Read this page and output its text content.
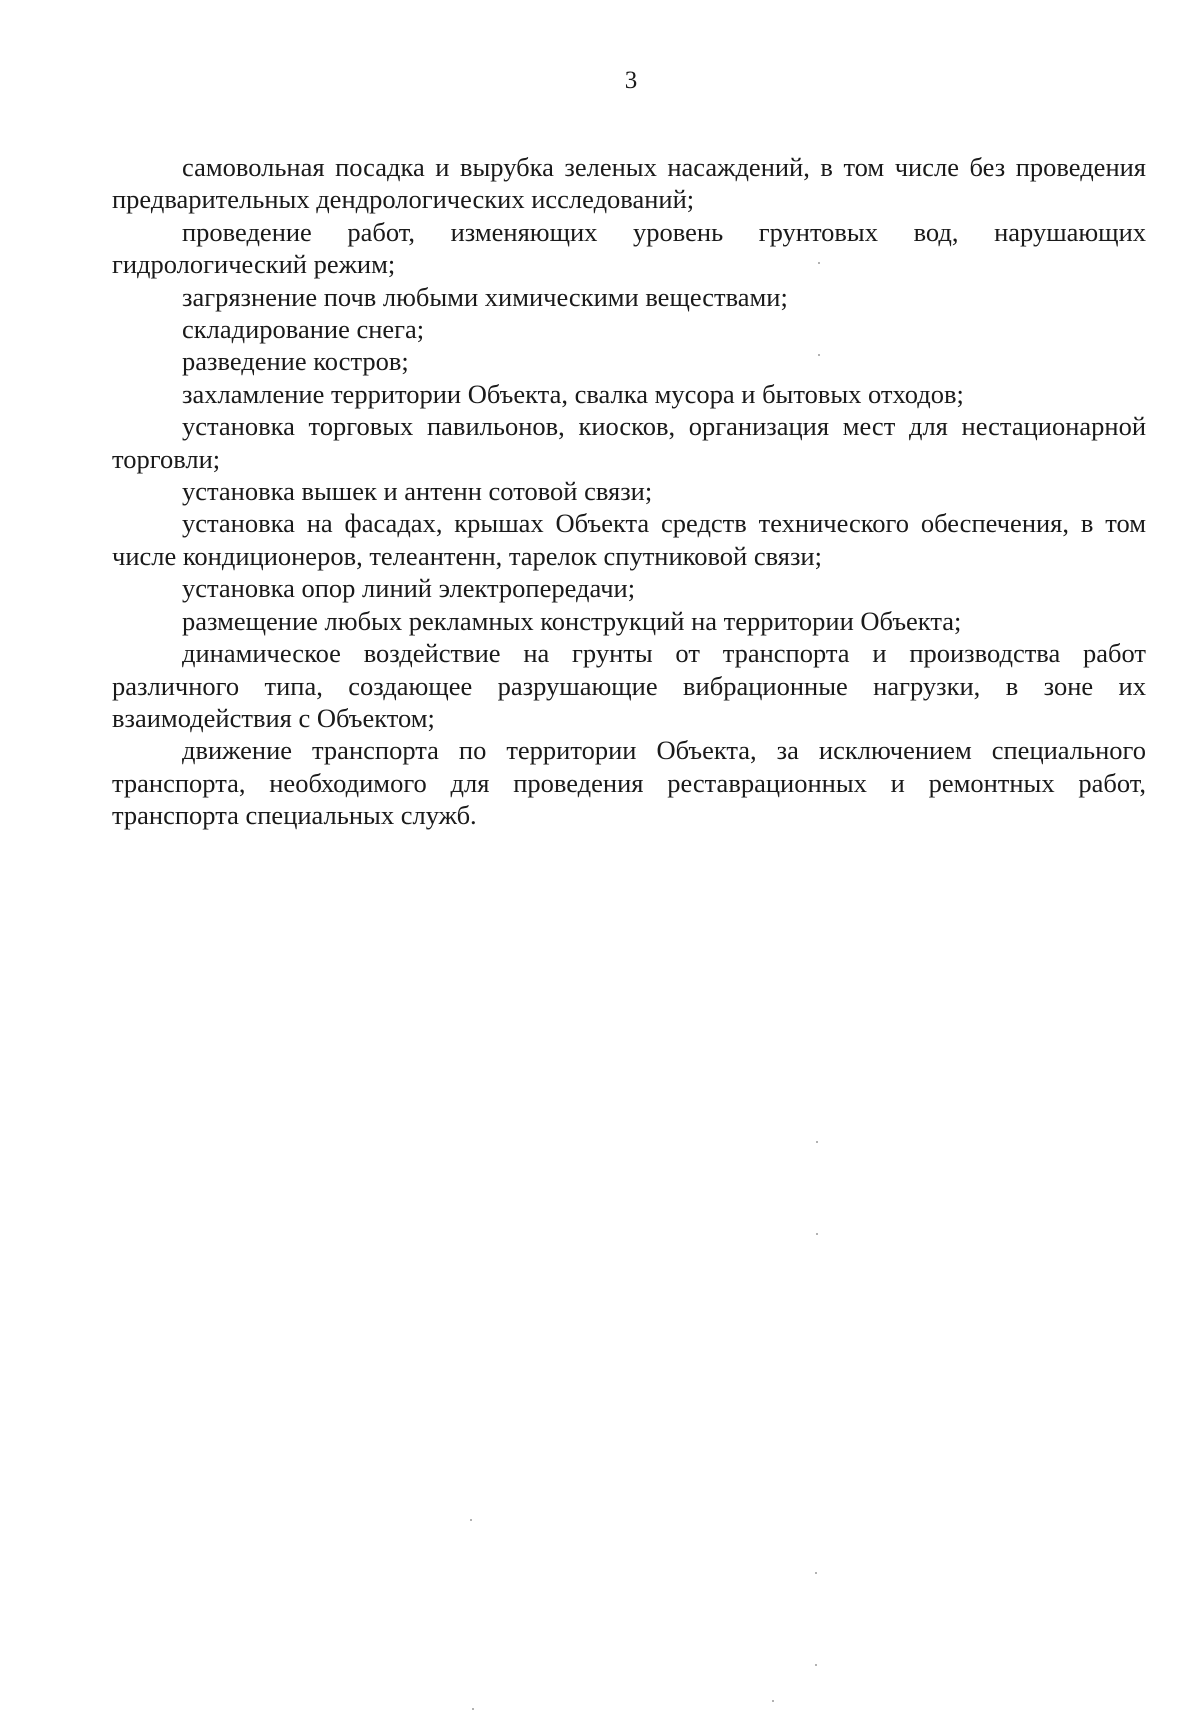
3

самовольная посадка и вырубка зеленых насаждений, в том числе без проведения предварительных дендрологических исследований;

проведение работ, изменяющих уровень грунтовых вод, нарушающих гидрологический режим;

загрязнение почв любыми химическими веществами;

складирование снега;

разведение костров;

захламление территории Объекта, свалка мусора и бытовых отходов;

установка торговых павильонов, киосков, организация мест для нестационарной торговли;

установка вышек и антенн сотовой связи;

установка на фасадах, крышах Объекта средств технического обеспечения, в том числе кондиционеров, телеантенн, тарелок спутниковой связи;

установка опор линий электропередачи;

размещение любых рекламных конструкций на территории Объекта;

динамическое воздействие на грунты от транспорта и производства работ различного типа, создающее разрушающие вибрационные нагрузки, в зоне их взаимодействия с Объектом;

движение транспорта по территории Объекта, за исключением специального транспорта, необходимого для проведения реставрационных и ремонтных работ, транспорта специальных служб.
